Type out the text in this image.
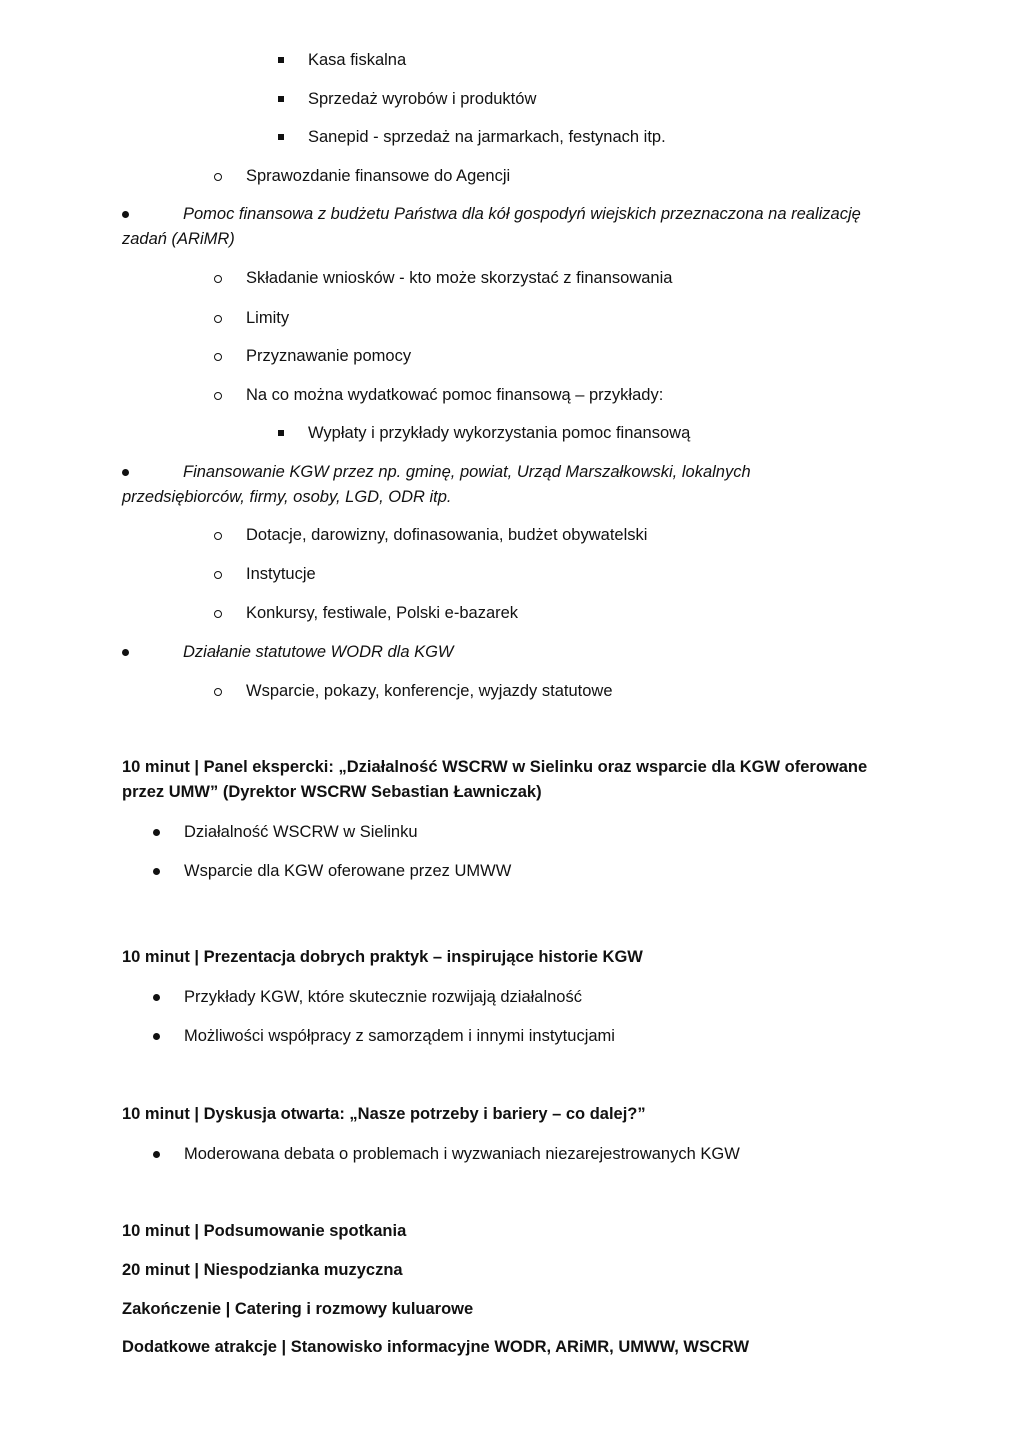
Kasa fiskalna
Sprzedaż wyrobów i produktów
Sanepid - sprzedaż na jarmarkach, festynach itp.
Sprawozdanie finansowe do Agencji
Pomoc finansowa z budżetu Państwa dla kół gospodyń wiejskich przeznaczona na realizację zadań (ARiMR)
Składanie wniosków - kto może skorzystać z finansowania
Limity
Przyznawanie pomocy
Na co można wydatkować pomoc finansową – przykłady:
Wypłaty i przykłady wykorzystania pomoc finansową
Finansowanie KGW przez np. gminę, powiat, Urząd Marszałkowski, lokalnych przedsiębiorców, firmy, osoby, LGD, ODR itp.
Dotacje, darowizny, dofinasowania, budżet obywatelski
Instytucje
Konkursy, festiwale, Polski e-bazarek
Działanie statutowe WODR dla KGW
Wsparcie, pokazy, konferencje, wyjazdy statutowe
10 minut | Panel ekspercki: „Działalność WSCRW w Sielinku oraz wsparcie dla KGW oferowane przez UMW” (Dyrektor WSCRW Sebastian Ławniczak)
Działalność WSCRW w Sielinku
Wsparcie dla KGW oferowane przez UMWW
10 minut | Prezentacja dobrych praktyk – inspirujące historie KGW
Przykłady KGW, które skutecznie rozwijają działalność
Możliwości współpracy z samorządem i innymi instytucjami
10 minut | Dyskusja otwarta: „Nasze potrzeby i bariery – co dalej?”
Moderowana debata o problemach i wyzwaniach niezarejestrowanych KGW
10 minut | Podsumowanie spotkania
20 minut | Niespodzianka muzyczna
Zakończenie | Catering i rozmowy kuluarowe
Dodatkowe atrakcje | Stanowisko informacyjne WODR, ARiMR, UMWW, WSCRW
